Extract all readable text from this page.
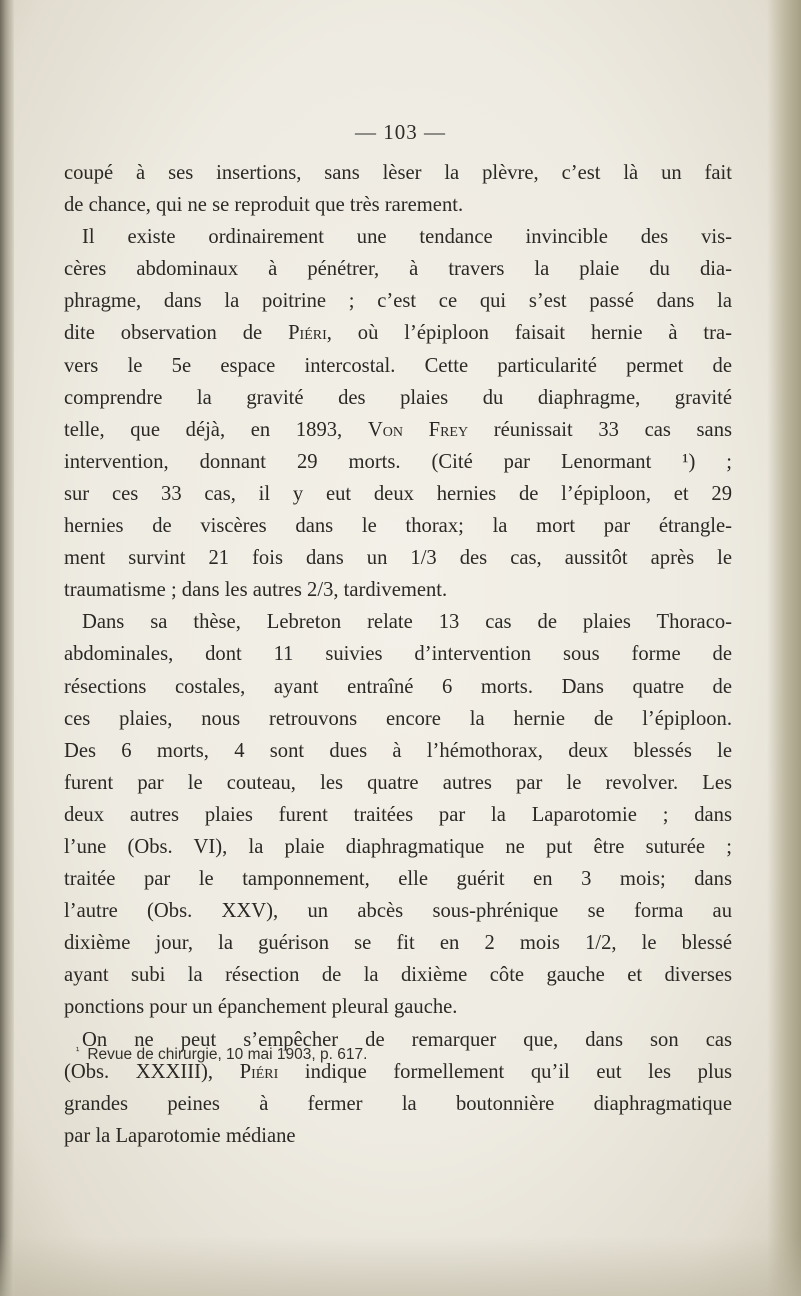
— 103 —
coupé à ses insertions, sans lèser la plèvre, c’est là un fait
de chance, qui ne se reproduit que très rarement.
Il existe ordinairement une tendance invincible des vis-
cères abdominaux à pénétrer, à travers la plaie du dia-
phragme, dans la poitrine ; c’est ce qui s’est passé dans la
dite observation de Piéri, où l’épiploon faisait hernie à tra-
vers le 5e espace intercostal. Cette particularité permet de
comprendre la gravité des plaies du diaphragme, gravité
telle, que déjà, en 1893, Von Frey réunissait 33 cas sans
intervention, donnant 29 morts. (Cité par Lenormant ¹) ;
sur ces 33 cas, il y eut deux hernies de l’épiploon, et 29
hernies de viscères dans le thorax; la mort par étrangle-
ment survint 21 fois dans un 1/3 des cas, aussitôt après le
traumatisme ; dans les autres 2/3, tardivement.
Dans sa thèse, Lebreton relate 13 cas de plaies Thoraco-
abdominales, dont 11 suivies d’intervention sous forme de
résections costales, ayant entraîné 6 morts. Dans quatre de
ces plaies, nous retrouvons encore la hernie de l’épiploon.
Des 6 morts, 4 sont dues à l’hémothorax, deux blessés le
furent par le couteau, les quatre autres par le revolver. Les
deux autres plaies furent traitées par la Laparotomie ; dans
l’une (Obs. VI), la plaie diaphragmatique ne put être suturée ;
traitée par le tamponnement, elle guérit en 3 mois; dans
l’autre (Obs. XXV), un abcès sous-phrénique se forma au
dixième jour, la guérison se fit en 2 mois 1/2, le blessé
ayant subi la résection de la dixième côte gauche et diverses
ponctions pour un épanchement pleural gauche.
On ne peut s’empêcher de remarquer que, dans son cas
(Obs. XXXIII), Piéri indique formellement qu’il eut les plus
grandes peines à fermer la boutonnière diaphragmatique
par la Laparotomie médiane
$^{^1}$ Revue de chirurgie, 10 mai 1903, p. 617.
